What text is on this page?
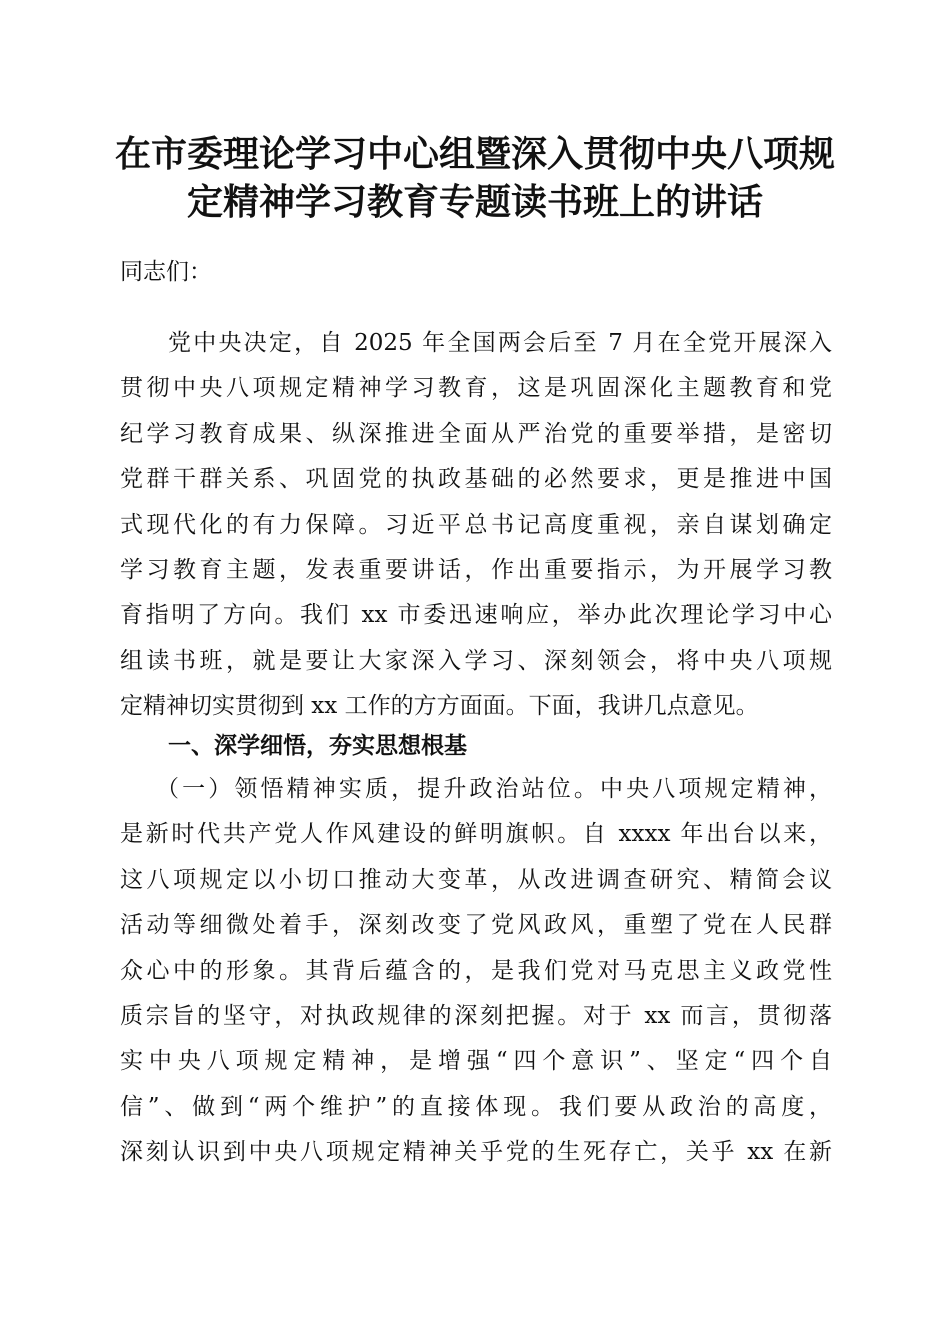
在市委理论学习中心组暨深入贯彻中央八项规
定精神学习教育专题读书班上的讲话

同志们：

党中央决定，自 2025 年全国两会后至 7 月在全党开展深入
贯彻中央八项规定精神学习教育，这是巩固深化主题教育和党
纪学习教育成果、纵深推进全面从严治党的重要举措，是密切
党群干群关系、巩固党的执政基础的必然要求，更是推进中国
式现代化的有力保障。习近平总书记高度重视，亲自谋划确定
学习教育主题，发表重要讲话，作出重要指示，为开展学习教
育指明了方向。我们 xx 市委迅速响应，举办此次理论学习中心
组读书班，就是要让大家深入学习、深刻领会，将中央八项规
定精神切实贯彻到 xx 工作的方方面面。下面，我讲几点意见。

一、深学细悟，夯实思想根基

（一）领悟精神实质，提升政治站位。中央八项规定精神，
是新时代共产党人作风建设的鲜明旗帜。自 xxxx 年出台以来，
这八项规定以小切口推动大变革，从改进调查研究、精简会议
活动等细微处着手，深刻改变了党风政风，重塑了党在人民群
众心中的形象。其背后蕴含的，是我们党对马克思主义政党性
质宗旨的坚守，对执政规律的深刻把握。对于 xx 而言，贯彻落
实中央八项规定精神，是增强“四个意识”、坚定“四个自
信”、做到“两个维护”的直接体现。我们要从政治的高度，
深刻认识到中央八项规定精神关乎党的生死存亡，关乎 xx 在新
